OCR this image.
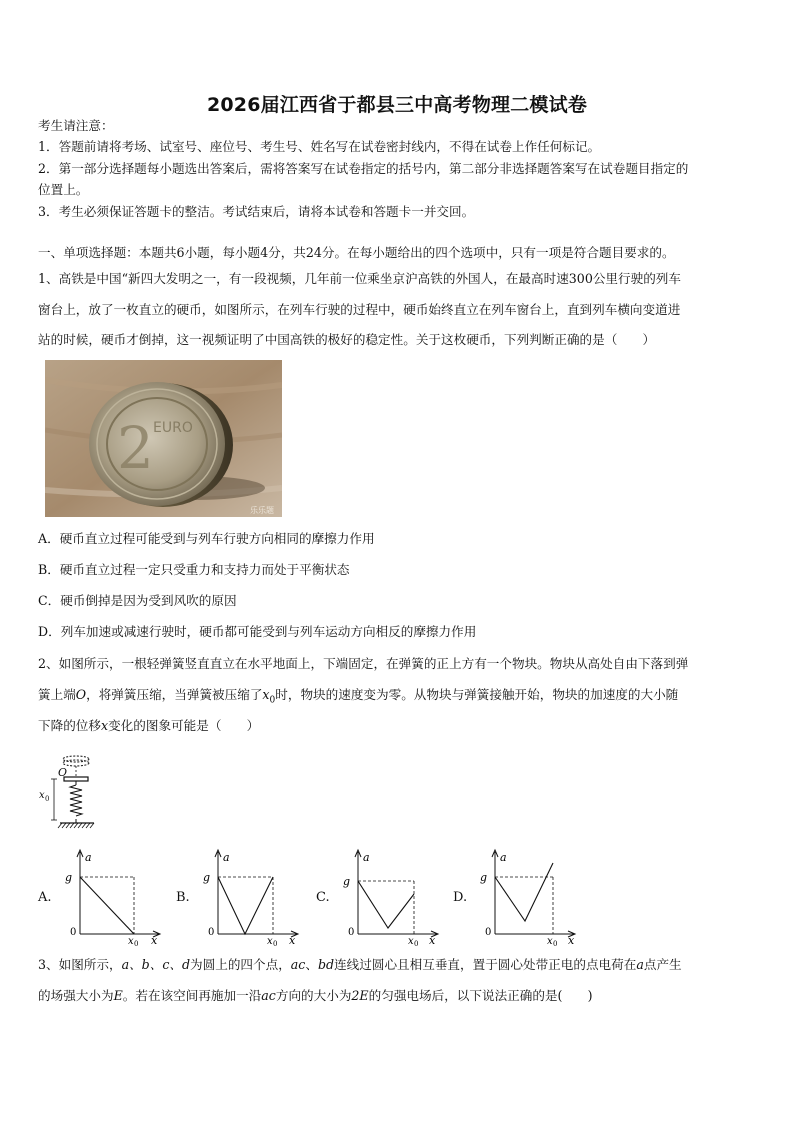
2026届江西省于都县三中高考物理二模试卷
考生请注意：
1．答题前请将考场、试室号、座位号、考生号、姓名写在试卷密封线内，不得在试卷上作任何标记。
2．第一部分选择题每小题选出答案后，需将答案写在试卷指定的括号内，第二部分非选择题答案写在试卷题目指定的
位置上。
3．考生必须保证答题卡的整洁。考试结束后，请将本试卷和答题卡一并交回。
一、单项选择题：本题共6小题，每小题4分，共24分。在每小题给出的四个选项中，只有一项是符合题目要求的。
1、高铁是中国“新四大发明之一，有一段视频，几年前一位乘坐京沪高铁的外国人，在最高时速300公里行驶的列车
窗台上，放了一枚直立的硬币，如图所示，在列车行驶的过程中，硬币始终直立在列车窗台上，直到列车横向变道进
站的时候，硬币才倒掉，这一视频证明了中国高铁的极好的稳定性。关于这枚硬币，下列判断正确的是（　　）
2 EURO
乐乐题
A．硬币直立过程可能受到与列车行驶方向相同的摩擦力作用
B．硬币直立过程一定只受重力和支持力而处于平衡状态
C．硬币倒掉是因为受到风吹的原因
D．列车加速或减速行驶时，硬币都可能受到与列车运动方向相反的摩擦力作用
2、如图所示，一根轻弹簧竖直直立在水平地面上，下端固定，在弹簧的正上方有一个物块。物块从高处自由下落到弹
簧上端O，将弹簧压缩，当弹簧被压缩了$x_0$时，物块的速度变为零。从物块与弹簧接触开始，物块的加速度的大小随
下降的位移x变化的图象可能是（　　）
O
x 0
A.
a
g
0
x 0 x
B.
a
g
0
x 0 x
C.
a
g
0
x 0 x
D.
a
g
0
x 0 x
3、如图所示，a、b、c、d为圆上的四个点，ac、bd连线过圆心且相互垂直，置于圆心处带正电的点电荷在a点产生
的场强大小为E。若在该空间再施加一沿ac方向的大小为2E的匀强电场后，以下说法正确的是(　　)
